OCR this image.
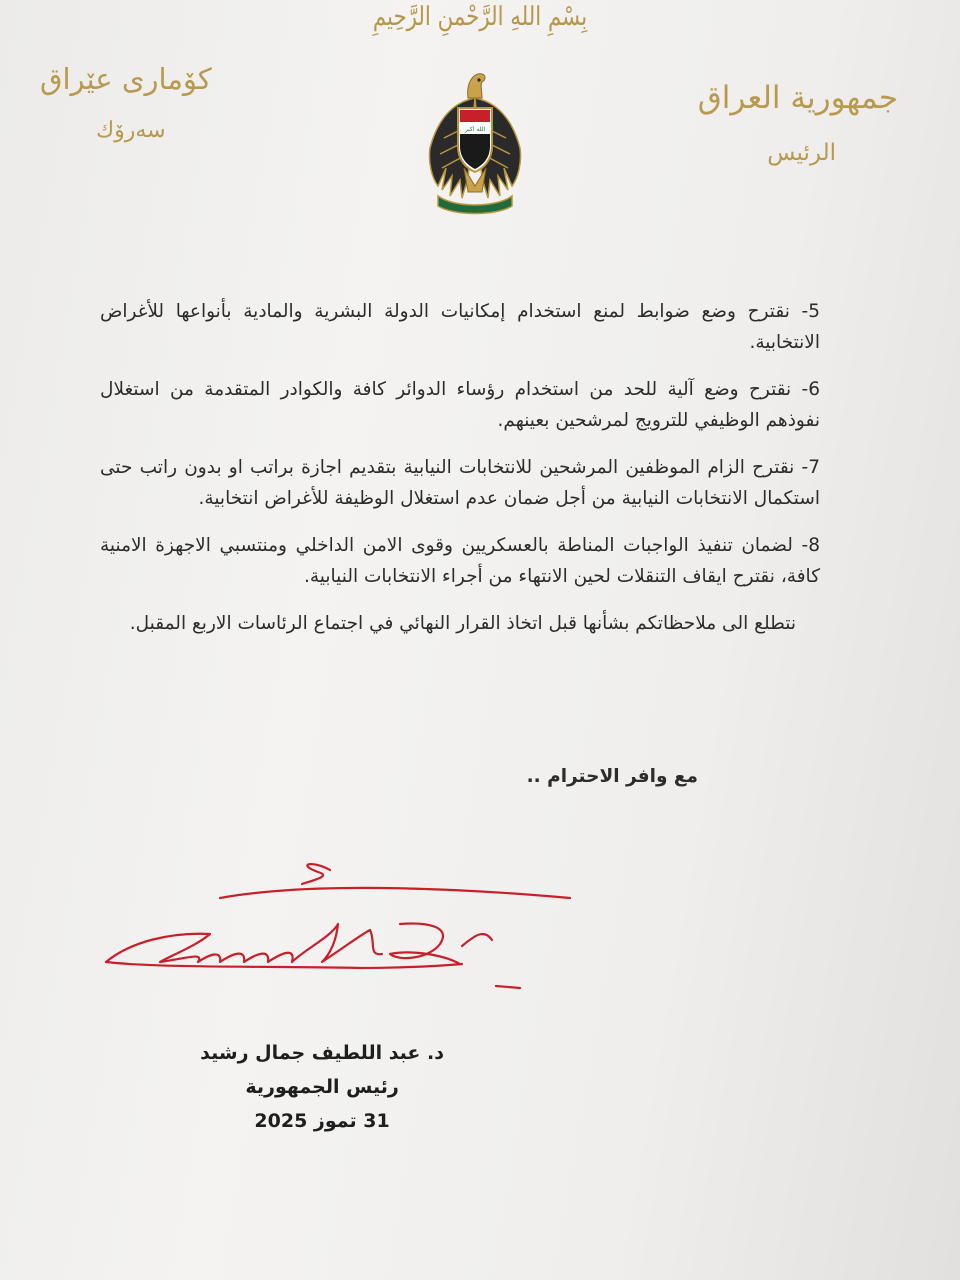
بِسْمِ اللهِ الرَّحْمنِ الرَّحِيمِ
كۆماری عێراق
سەرۆك
جمهورية العراق
الرئيس
الله اكبر

5- نقترح وضع ضوابط لمنع استخدام إمكانيات الدولة البشرية والمادية بأنواعها للأغراض الانتخابية.

6- نقترح وضع آلية للحد من استخدام رؤساء الدوائر كافة والكوادر المتقدمة من استغلال نفوذهم الوظيفي للترويج لمرشحين بعينهم.

7- نقترح الزام الموظفين المرشحين للانتخابات النيابية بتقديم اجازة براتب او بدون راتب حتى استكمال الانتخابات النيابية من أجل ضمان عدم استغلال الوظيفة للأغراض انتخابية.

8- لضمان تنفيذ الواجبات المناطة بالعسكريين وقوى الامن الداخلي ومنتسبي الاجهزة الامنية كافة، نقترح ايقاف التنقلات لحين الانتهاء من أجراء الانتخابات النيابية.

نتطلع الى ملاحظاتكم بشأنها قبل اتخاذ القرار النهائي في اجتماع الرئاسات الاربع المقبل.

مع وافر الاحترام ..
د. عبد اللطيف جمال رشيد
رئيس الجمهورية
31 تموز 2025
